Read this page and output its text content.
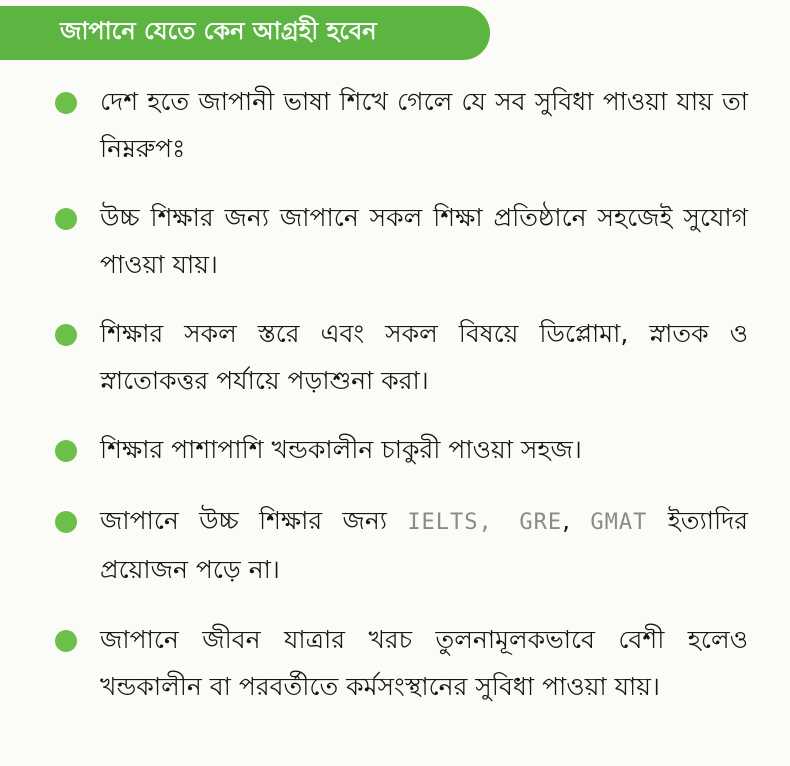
জাপানে যেতে কেন আগ্রহী হবেন
দেশ হতে জাপানী ভাষা শিখে গেলে যে সব সুবিধা পাওয়া যায় তা নিম্নরুপঃ
উচ্চ শিক্ষার জন্য জাপানে সকল শিক্ষা প্রতিষ্ঠানে সহজেই সুযোগ পাওয়া যায়।
শিক্ষার সকল স্তরে এবং সকল বিষয়ে ডিপ্লোমা, স্নাতক ও স্নাতোকত্তর পর্যায়ে পড়াশুনা করা।
শিক্ষার পাশাপাশি খন্ডকালীন চাকুরী পাওয়া সহজ।
জাপানে উচ্চ শিক্ষার জন্য IELTS, GRE, GMAT ইত্যাদির প্রয়োজন পড়ে না।
জাপানে জীবন যাত্রার খরচ তুলনামূলকভাবে বেশী হলেও খন্ডকালীন বা পরবর্তীতে কর্মসংস্থানের সুবিধা পাওয়া যায়।
